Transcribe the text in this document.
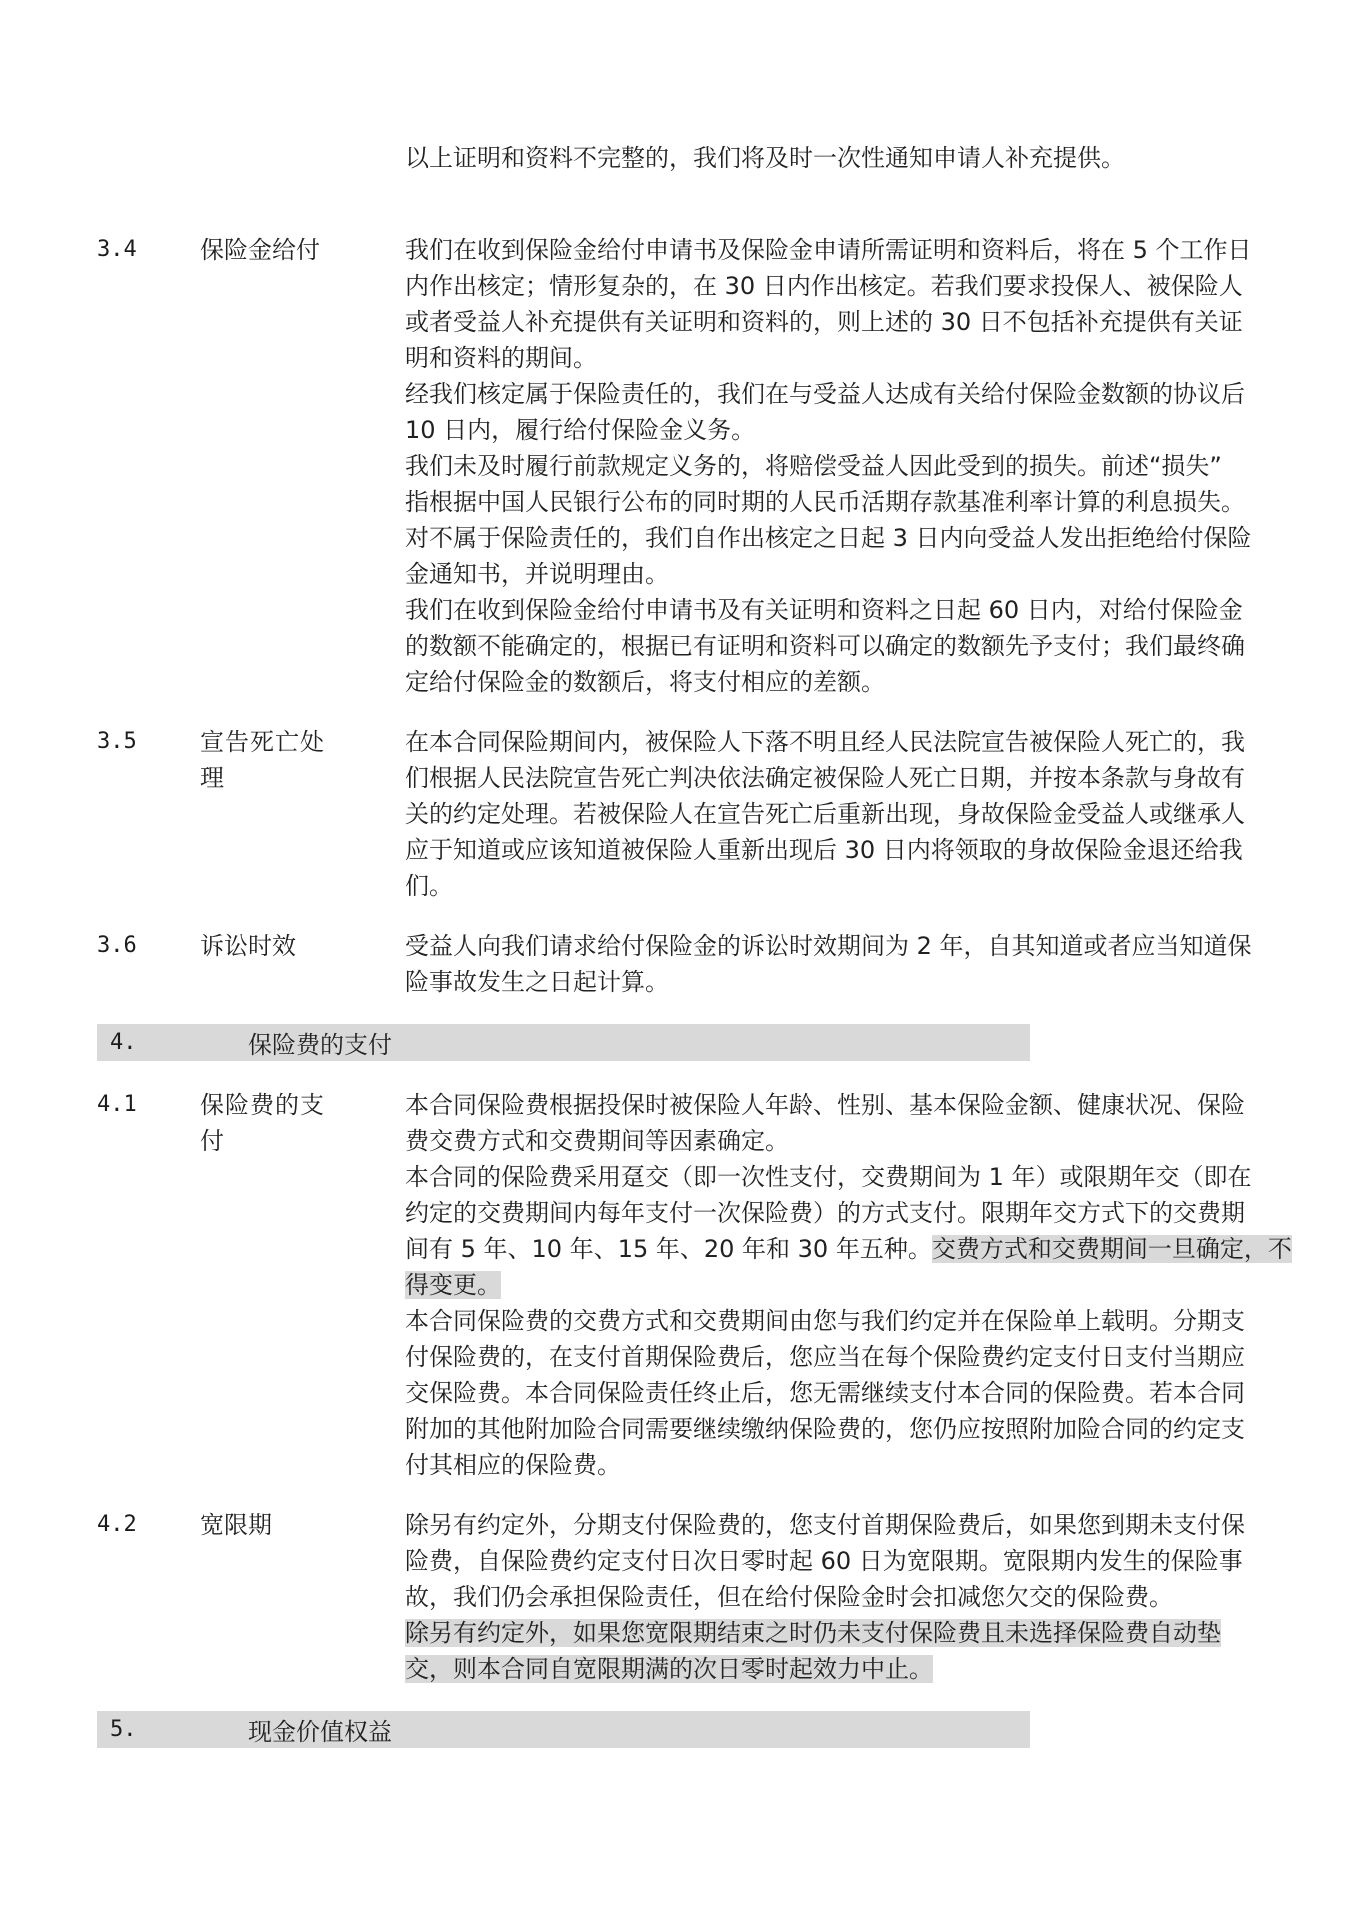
以上证明和资料不完整的，我们将及时一次性通知申请人补充提供。
3.4	保险金给付	我们在收到保险金给付申请书及保险金申请所需证明和资料后，将在 5 个工作日
内作出核定；情形复杂的，在 30 日内作出核定。若我们要求投保人、被保险人
或者受益人补充提供有关证明和资料的，则上述的 30 日不包括补充提供有关证
明和资料的期间。
经我们核定属于保险责任的，我们在与受益人达成有关给付保险金数额的协议后
10 日内，履行给付保险金义务。
我们未及时履行前款规定义务的，将赔偿受益人因此受到的损失。前述“损失”
指根据中国人民银行公布的同时期的人民币活期存款基准利率计算的利息损失。
对不属于保险责任的，我们自作出核定之日起 3 日内向受益人发出拒绝给付保险
金通知书，并说明理由。
我们在收到保险金给付申请书及有关证明和资料之日起 60 日内，对给付保险金
的数额不能确定的，根据已有证明和资料可以确定的数额先予支付；我们最终确
定给付保险金的数额后，将支付相应的差额。
3.5	宣告死亡处理
在本合同保险期间内，被保险人下落不明且经人民法院宣告被保险人死亡的，我
们根据人民法院宣告死亡判决依法确定被保险人死亡日期，并按本条款与身故有
关的约定处理。若被保险人在宣告死亡后重新出现，身故保险金受益人或继承人
应于知道或应该知道被保险人重新出现后 30 日内将领取的身故保险金退还给我
们。
3.6	诉讼时效	受益人向我们请求给付保险金的诉讼时效期间为 2 年，自其知道或者应当知道保
险事故发生之日起计算。
4.	保险费的支付
4.1	保险费的支付
本合同保险费根据投保时被保险人年龄、性别、基本保险金额、健康状况、保险
费交费方式和交费期间等因素确定。
本合同的保险费采用趸交（即一次性支付，交费期间为 1 年）或限期年交（即在
约定的交费期间内每年支付一次保险费）的方式支付。限期年交方式下的交费期
间有 5 年、10 年、15 年、20 年和 30 年五种。交费方式和交费期间一旦确定，不
得变更。
本合同保险费的交费方式和交费期间由您与我们约定并在保险单上载明。分期支
付保险费的，在支付首期保险费后，您应当在每个保险费约定支付日支付当期应
交保险费。本合同保险责任终止后，您无需继续支付本合同的保险费。若本合同
附加的其他附加险合同需要继续缴纳保险费的，您仍应按照附加险合同的约定支
付其相应的保险费。
4.2	宽限期	除另有约定外，分期支付保险费的，您支付首期保险费后，如果您到期未支付保
险费，自保险费约定支付日次日零时起 60 日为宽限期。宽限期内发生的保险事
故，我们仍会承担保险责任，但在给付保险金时会扣减您欠交的保险费。
除另有约定外，如果您宽限期结束之时仍未支付保险费且未选择保险费自动垫
交，则本合同自宽限期满的次日零时起效力中止。
5.	现金价值权益
